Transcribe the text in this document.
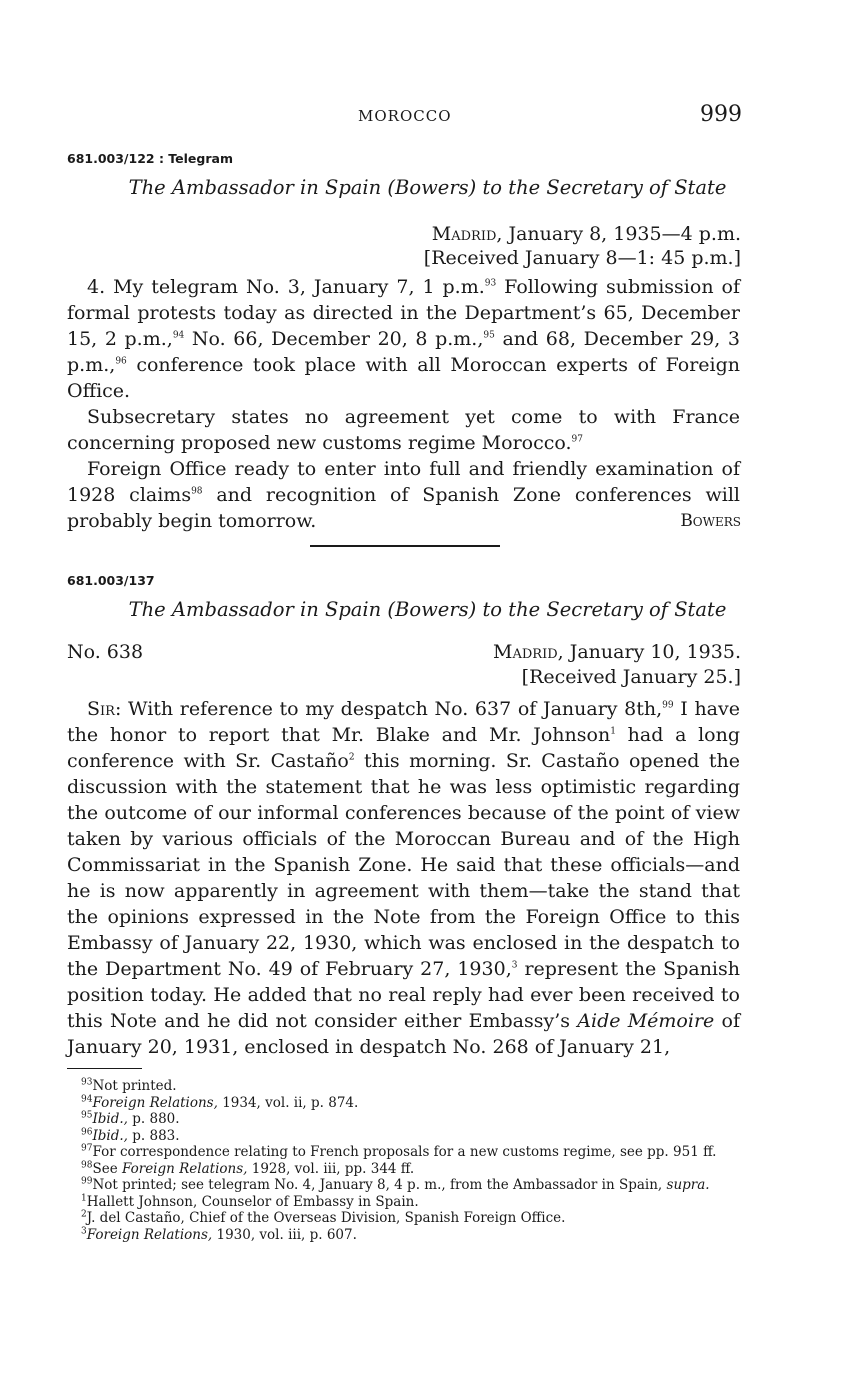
MOROCCO	999
681.003/122 : Telegram
The Ambassador in Spain (Bowers) to the Secretary of State
Madrid, January 8, 1935—4 p.m.
[Received January 8—1: 45 p.m.]

4. My telegram No. 3, January 7, 1 p.m.$^{93}$ Following submission of formal protests today as directed in the Department’s 65, December 15, 2 p.m.,$^{94}$ No. 66, December 20, 8 p.m.,$^{95}$ and 68, December 29, 3 p.m.,$^{96}$ conference took place with all Moroccan experts of Foreign Office.

Subsecretary states no agreement yet come to with France concerning proposed new customs regime Morocco.$^{97}$

Foreign Office ready to enter into full and friendly examination of 1928 claims$^{98}$ and recognition of Spanish Zone conferences will probably begin tomorrow.	Bowers
681.003/137
The Ambassador in Spain (Bowers) to the Secretary of State
No. 638	Madrid, January 10, 1935.
[Received January 25.]

Sir: With reference to my despatch No. 637 of January 8th,$^{99}$ I have the honor to report that Mr. Blake and Mr. Johnson$^1$ had a long conference with Sr. Castaño$^2$ this morning. Sr. Castaño opened the discussion with the statement that he was less optimistic regarding the outcome of our informal conferences because of the point of view taken by various officials of the Moroccan Bureau and of the High Commissariat in the Spanish Zone. He said that these officials—and he is now apparently in agreement with them—take the stand that the opinions expressed in the Note from the Foreign Office to this Embassy of January 22, 1930, which was enclosed in the despatch to the Department No. 49 of February 27, 1930,$^3$ represent the Spanish position today. He added that no real reply had ever been received to this Note and he did not consider either Embassy’s Aide Mémoire of January 20, 1931, enclosed in despatch No. 268 of January 21,

$^{93}$Not printed.

$^{94}$Foreign Relations, 1934, vol. ii, p. 874.

$^{95}$Ibid., p. 880.

$^{96}$Ibid., p. 883.

$^{97}$For correspondence relating to French proposals for a new customs regime, see pp. 951 ff.

$^{98}$See Foreign Relations, 1928, vol. iii, pp. 344 ff.

$^{99}$Not printed; see telegram No. 4, January 8, 4 p. m., from the Ambassador in Spain, supra.

$^1$Hallett Johnson, Counselor of Embassy in Spain.

$^2$J. del Castaño, Chief of the Overseas Division, Spanish Foreign Office.

$^3$Foreign Relations, 1930, vol. iii, p. 607.
